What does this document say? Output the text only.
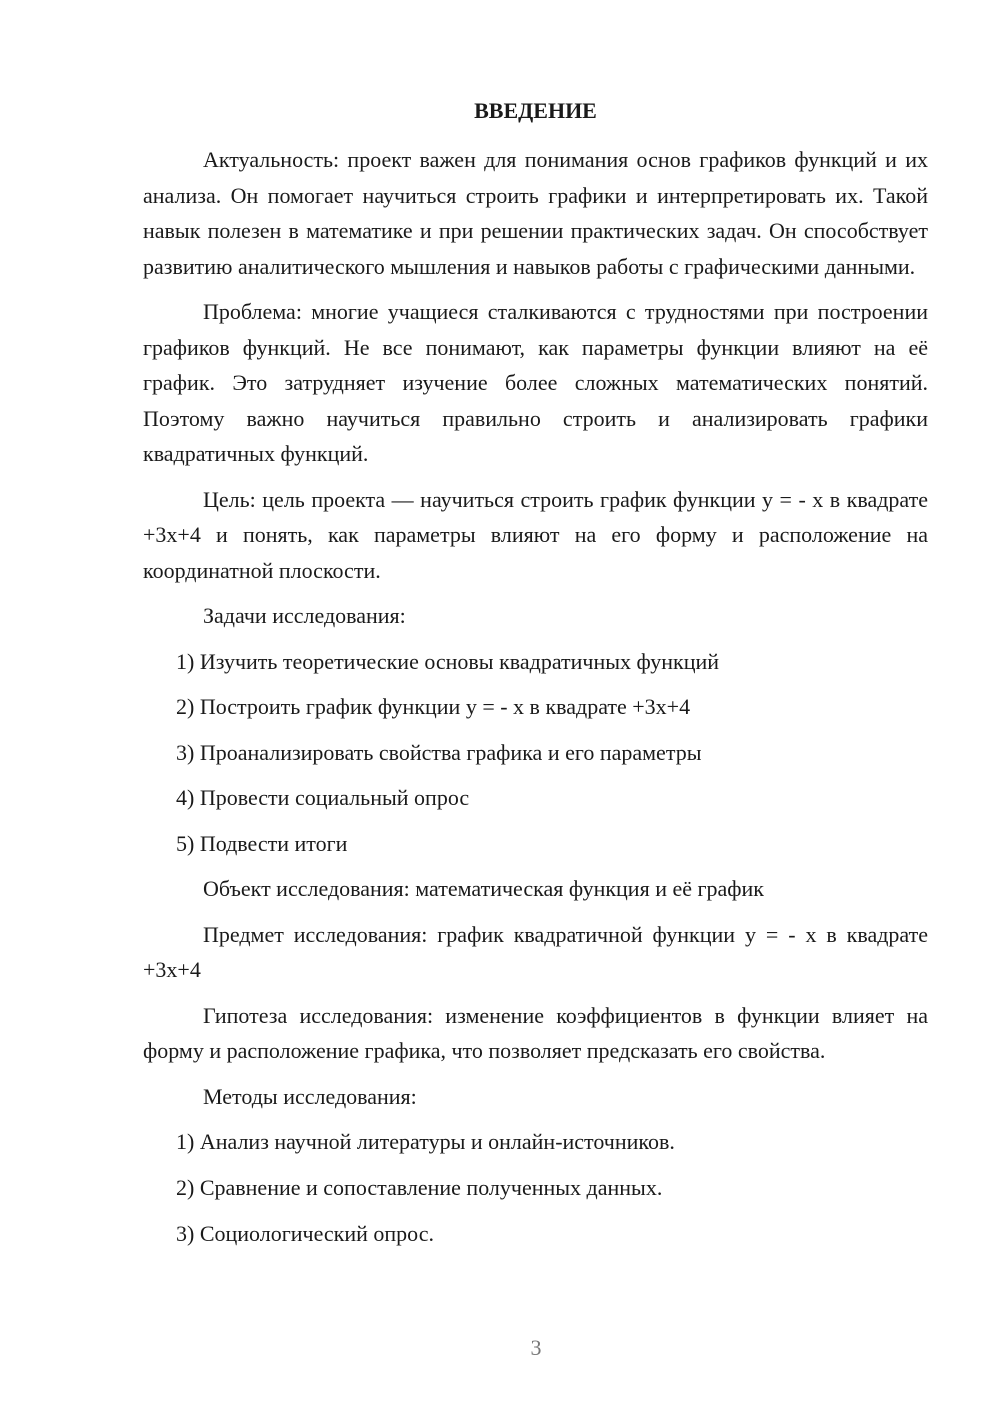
ВВЕДЕНИЕ

Актуальность: проект важен для понимания основ графиков функций и их анализа. Он помогает научиться строить графики и интерпретировать их. Такой навык полезен в математике и при решении практических задач. Он способствует развитию аналитического мышления и навыков работы с графическими данными.

Проблема: многие учащиеся сталкиваются с трудностями при построении графиков функций. Не все понимают, как параметры функции влияют на её график. Это затрудняет изучение более сложных математических понятий. Поэтому важно научиться правильно строить и анализировать графики квадратичных функций.

Цель: цель проекта — научиться строить график функции y = - x в квадрате +3x+4 и понять, как параметры влияют на его форму и расположение на координатной плоскости.

Задачи исследования:

1) Изучить теоретические основы квадратичных функций
2) Построить график функции y = - x в квадрате +3x+4
3) Проанализировать свойства графика и его параметры
4) Провести социальный опрос
5) Подвести итоги

Объект исследования: математическая функция и её график

Предмет исследования: график квадратичной функции y = - x в квадрате +3x+4

Гипотеза исследования: изменение коэффициентов в функции влияет на форму и расположение графика, что позволяет предсказать его свойства.

Методы исследования:

1) Анализ научной литературы и онлайн-источников.
2) Сравнение и сопоставление полученных данных.
3) Социологический опрос.
3
